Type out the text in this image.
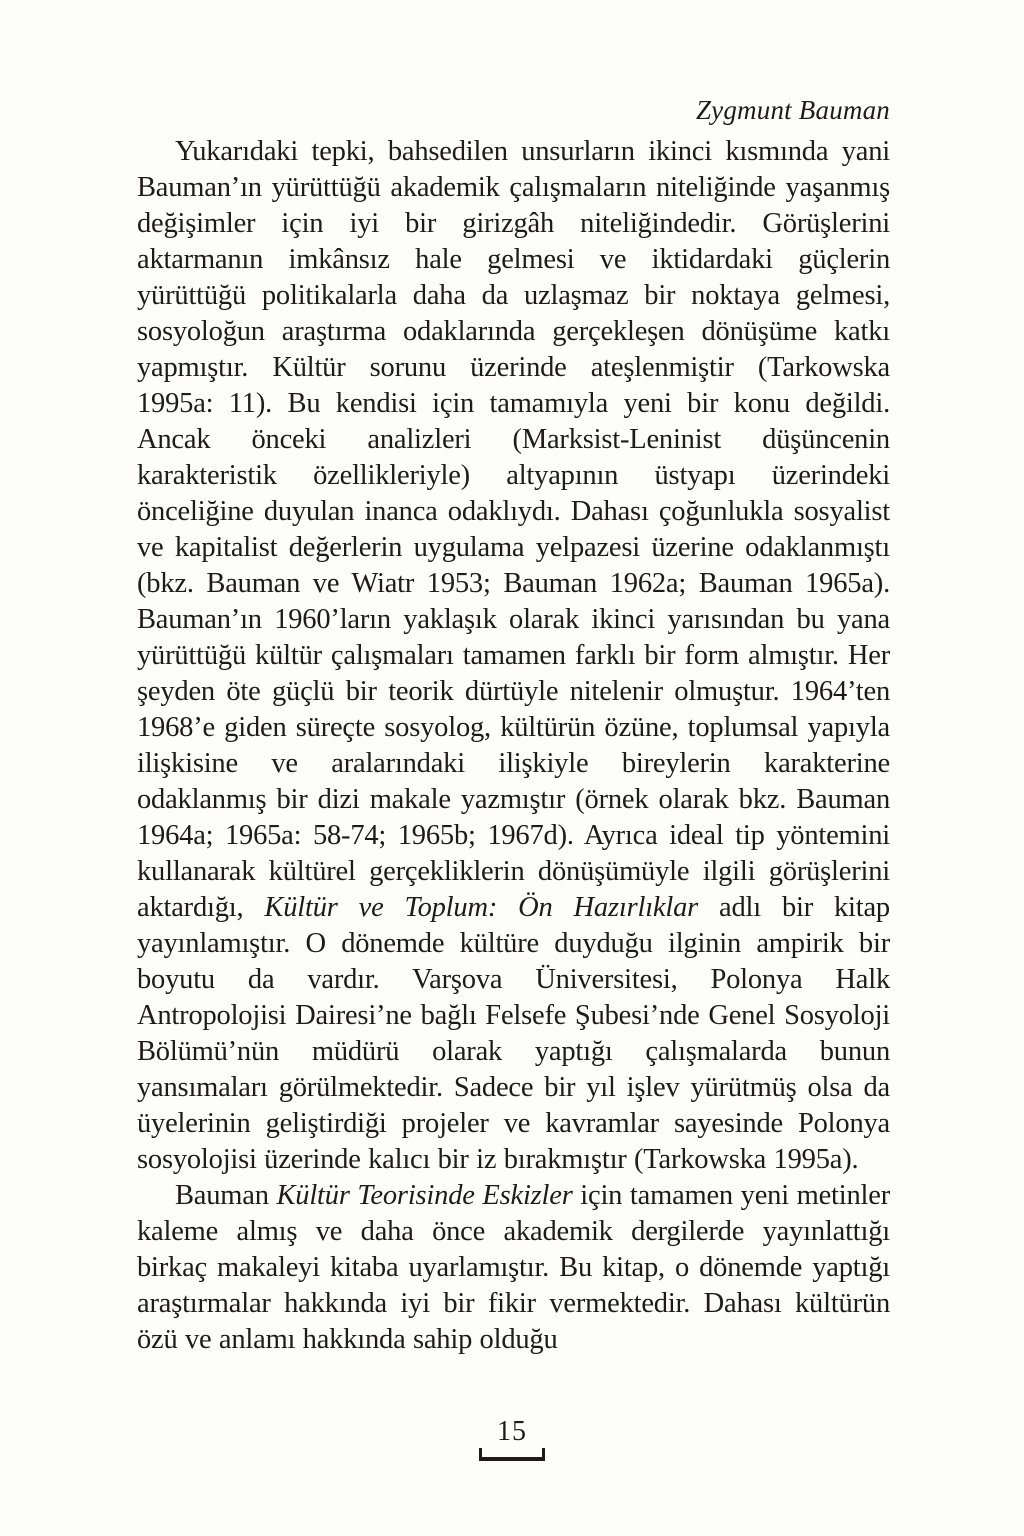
Zygmunt Bauman

Yukarıdaki tepki, bahsedilen unsurların ikinci kısmında yani Bauman’ın yürüttüğü akademik çalışmaların niteliğinde yaşanmış değişimler için iyi bir girizgâh niteliğindedir. Görüşlerini aktarmanın imkânsız hale gelmesi ve iktidardaki güçlerin yürüttüğü politikalarla daha da uzlaşmaz bir noktaya gelmesi, sosyoloğun araştırma odaklarında gerçekleşen dönüşüme katkı yapmıştır. Kültür sorunu üzerinde ateşlenmiştir (Tarkowska 1995a: 11). Bu kendisi için tamamıyla yeni bir konu değildi. Ancak önceki analizleri (Marksist-Leninist düşüncenin karakteristik özellikleriyle) altyapının üstyapı üzerindeki önceliğine duyulan inanca odaklıydı. Dahası çoğunlukla sosyalist ve kapitalist değerlerin uygulama yelpazesi üzerine odaklanmıştı (bkz. Bauman ve Wiatr 1953; Bauman 1962a; Bauman 1965a). Bauman’ın 1960’ların yaklaşık olarak ikinci yarısından bu yana yürüttüğü kültür çalışmaları tamamen farklı bir form almıştır. Her şeyden öte güçlü bir teorik dürtüyle nitelenir olmuştur. 1964’ten 1968’e giden süreçte sosyolog, kültürün özüne, toplumsal yapıyla ilişkisine ve aralarındaki ilişkiyle bireylerin karakterine odaklanmış bir dizi makale yazmıştır (örnek olarak bkz. Bauman 1964a; 1965a: 58-74; 1965b; 1967d). Ayrıca ideal tip yöntemini kullanarak kültürel gerçekliklerin dönüşümüyle ilgili görüşlerini aktardığı, Kültür ve Toplum: Ön Hazırlıklar adlı bir kitap yayınlamıştır. O dönemde kültüre duyduğu ilginin ampirik bir boyutu da vardır. Varşova Üniversitesi, Polonya Halk Antropolojisi Dairesi’ne bağlı Felsefe Şubesi’nde Genel Sosyoloji Bölümü’nün müdürü olarak yaptığı çalışmalarda bunun yansımaları görülmektedir. Sadece bir yıl işlev yürütmüş olsa da üyelerinin geliştirdiği projeler ve kavramlar sayesinde Polonya sosyolojisi üzerinde kalıcı bir iz bırakmıştır (Tarkowska 1995a).

Bauman Kültür Teorisinde Eskizler için tamamen yeni metinler kaleme almış ve daha önce akademik dergilerde yayınlattığı birkaç makaleyi kitaba uyarlamıştır. Bu kitap, o dönemde yaptığı araştırmalar hakkında iyi bir fikir vermektedir. Dahası kültürün özü ve anlamı hakkında sahip olduğu

15
